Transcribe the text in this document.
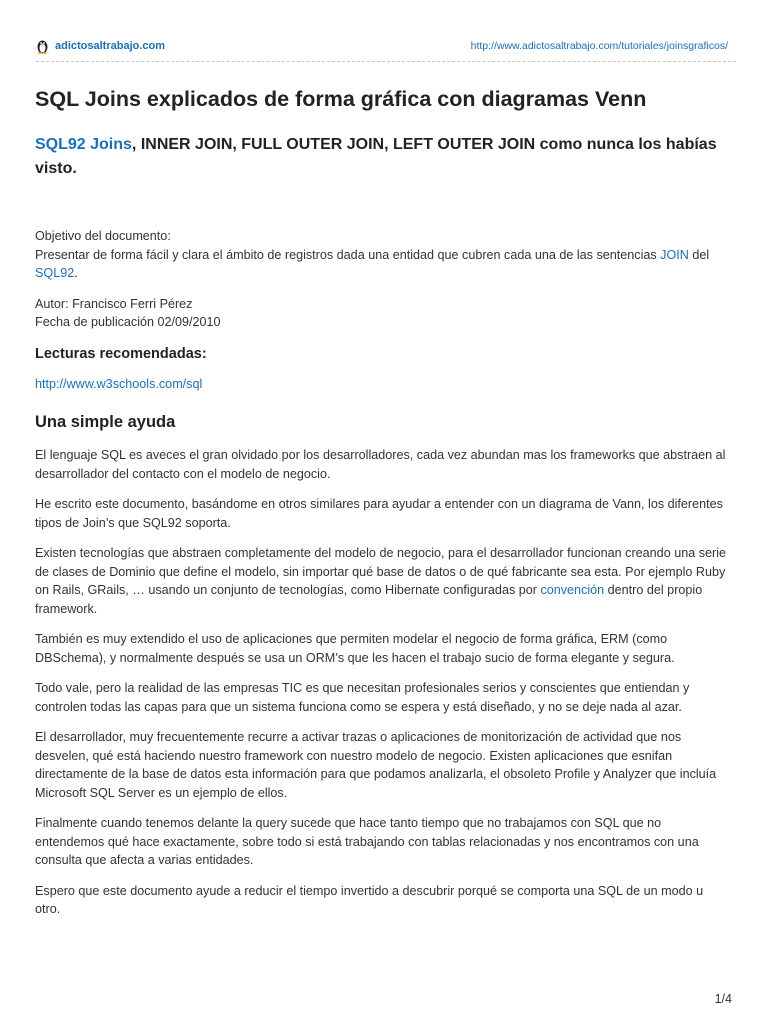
adictosaltrabajo.com	http://www.adictosaltrabajo.com/tutoriales/joinsgraficos/
SQL Joins explicados de forma gráfica con diagramas Venn
SQL92 Joins, INNER JOIN, FULL OUTER JOIN, LEFT OUTER JOIN como nunca los habías visto.

Objetivo del documento:
Presentar de forma fácil y clara el ámbito de registros dada una entidad que cubren cada una de las sentencias JOIN del SQL92.

Autor: Francisco Ferri Pérez
Fecha de publicación 02/09/2010

Lecturas recomendadas:

http://www.w3schools.com/sql

Una simple ayuda

El lenguaje SQL es aveces el gran olvidado por los desarrolladores, cada vez abundan mas los frameworks que abstraen al desarrollador del contacto con el modelo de negocio.

He escrito este documento, basándome en otros similares para ayudar a entender con un diagrama de Vann, los diferentes tipos de Join’s que SQL92 soporta.

Existen tecnologías que abstraen completamente del modelo de negocio, para el desarrollador funcionan creando una serie de clases de Dominio que define el modelo, sin importar qué base de datos o de qué fabricante sea esta. Por ejemplo Ruby on Rails, GRails, … usando un conjunto de tecnologías, como Hibernate configuradas por convención dentro del propio framework.

También es muy extendido el uso de aplicaciones que permiten modelar el negocio de forma gráfica, ERM (como DBSchema), y normalmente después se usa un ORM’s que les hacen el trabajo sucio de forma elegante y segura.

Todo vale, pero la realidad de las empresas TIC es que necesitan profesionales serios y conscientes que entiendan y controlen todas las capas para que un sistema funciona como se espera y está diseñado, y no se deje nada al azar.

El desarrollador, muy frecuentemente recurre a activar trazas o aplicaciones de monitorización de actividad que nos desvelen, qué está haciendo nuestro framework con nuestro modelo de negocio. Existen aplicaciones que esnifan directamente de la base de datos esta información para que podamos analizarla, el obsoleto Profile y Analyzer que incluía Microsoft SQL Server es un ejemplo de ellos.

Finalmente cuando tenemos delante la query sucede que hace tanto tiempo que no trabajamos con SQL que no entendemos qué hace exactamente, sobre todo si está trabajando con tablas relacionadas y nos encontramos con una consulta que afecta a varias entidades.

Espero que este documento ayude a reducir el tiempo invertido a descubrir porqué se comporta una SQL de un modo u otro.

1/4
